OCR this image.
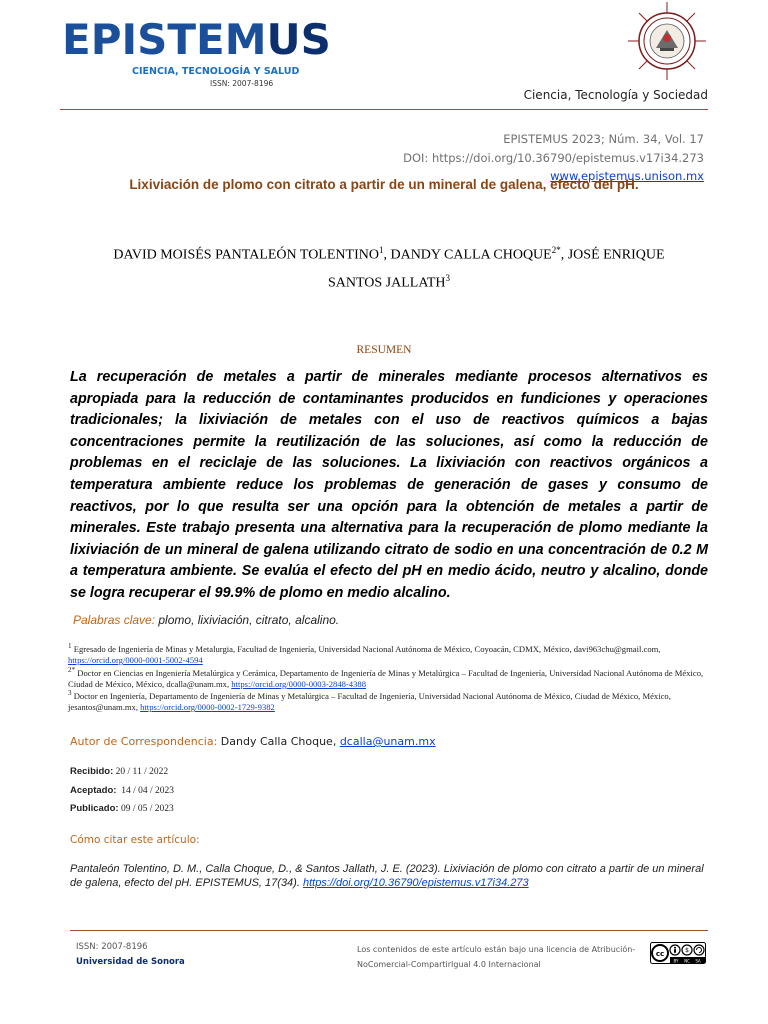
EPISTEMUS
CIENCIA, TECNOLOGÍA Y SALUD
ISSN: 2007-8196
Ciencia, Tecnología y Sociedad
EPISTEMUS 2023; Núm. 34, Vol. 17
DOI: https://doi.org/10.36790/epistemus.v17i34.273
www.epistemus.unison.mx
Lixiviación de plomo con citrato a partir de un mineral de galena, efecto del pH.
DAVID MOISÉS PANTALEÓN TOLENTINO$^1$, DANDY CALLA $CHOQUE^{2*}$, JOSÉ ENRIQUE
SANTOS JALLATH$^3$
RESUMEN
La recuperación de metales a partir de minerales mediante procesos alternativos es apropiada para la reducción de contaminantes producidos en fundiciones y operaciones tradicionales; la lixiviación de metales con el uso de reactivos químicos a bajas concentraciones permite la reutilización de las soluciones, así como la reducción de problemas en el reciclaje de las soluciones. La lixiviación con reactivos orgánicos a temperatura ambiente reduce los problemas de generación de gases y consumo de reactivos, por lo que resulta ser una opción para la obtención de metales a partir de minerales. Este trabajo presenta una alternativa para la recuperación de plomo mediante la lixiviación de un mineral de galena utilizando citrato de sodio en una concentración de 0.2 M a temperatura ambiente. Se evalúa el efecto del pH en medio ácido, neutro y alcalino, donde se logra recuperar el 99.9% de plomo en medio alcalino.
Palabras clave: plomo, lixiviación, citrato, alcalino.
$^1$ Egresado de Ingeniería de Minas y Metalurgia, Facultad de Ingeniería, Universidad Nacional Autónoma de México, Coyoacán, CDMX, México, davi963chu@gmail.com, https://orcid.org/0000-0001-5002-4594
$^{2*}$ Doctor en Ciencias en Ingeniería Metalúrgica y Cerámica, Departamento de Ingeniería de Minas y Metalúrgica – Facultad de Ingeniería, Universidad Nacional Autónoma de México, Ciudad de México, México, dcalla@unam.mx, https://orcid.org/0000-0003-2848-4388
$^3$ Doctor en Ingeniería, Departamento de Ingeniería de Minas y Metalúrgica – Facultad de Ingeniería, Universidad Nacional Autónoma de México, Ciudad de México, México, jesantos@unam.mx, https://orcid.org/0000-0002-1729-9382
Autor de Correspondencia: Dandy Calla Choque, dcalla@unam.mx
Recibido: 20 / 11 / 2022
Aceptado:  14 / 04 / 2023
Publicado: 09 / 05 / 2023
Cómo citar este artículo:
Pantaleón Tolentino, D. M., Calla Choque, D., & Santos Jallath, J. E. (2023). Lixiviación de plomo con citrato a partir de un mineral de galena, efecto del pH. EPISTEMUS, 17(34). https://doi.org/10.36790/epistemus.v17i34.273
ISSN: 2007-8196
Universidad de Sonora
Los contenidos de este artículo están bajo una licencia de Atribución-NoComercial-CompartirIgual 4.0 Internacional
cc	$
BY NC SA
